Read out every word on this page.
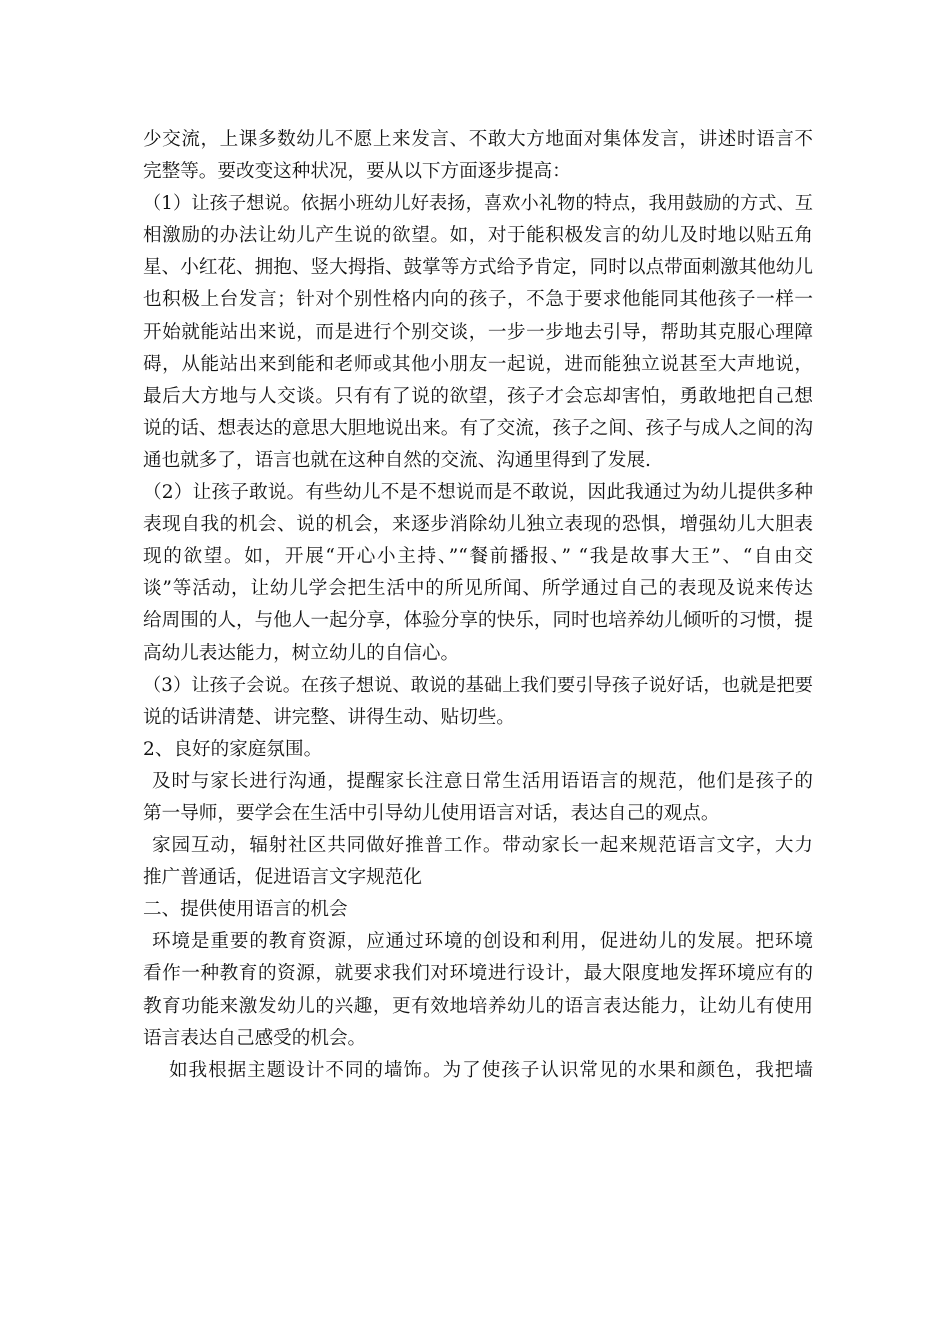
少交流，上课多数幼儿不愿上来发言、不敢大方地面对集体发言，讲述时语言不
完整等。要改变这种状况，要从以下方面逐步提高：
（1）让孩子想说。依据小班幼儿好表扬，喜欢小礼物的特点，我用鼓励的方式、互
相激励的办法让幼儿产生说的欲望。如，对于能积极发言的幼儿及时地以贴五角
星、小红花、拥抱、竖大拇指、鼓掌等方式给予肯定，同时以点带面刺激其他幼儿
也积极上台发言；针对个别性格内向的孩子，不急于要求他能同其他孩子一样一
开始就能站出来说，而是进行个别交谈，一步一步地去引导，帮助其克服心理障
碍，从能站出来到能和老师或其他小朋友一起说，进而能独立说甚至大声地说，
最后大方地与人交谈。只有有了说的欲望，孩子才会忘却害怕，勇敢地把自己想
说的话、想表达的意思大胆地说出来。有了交流，孩子之间、孩子与成人之间的沟
通也就多了，语言也就在这种自然的交流、沟通里得到了发展.
（2）让孩子敢说。有些幼儿不是不想说而是不敢说，因此我通过为幼儿提供多种
表现自我的机会、说的机会，来逐步消除幼儿独立表现的恐惧，增强幼儿大胆表
现的欲望。如，开展“开心小主持、”“餐前播报、” “我是故事大王”、“自由交
谈”等活动，让幼儿学会把生活中的所见所闻、所学通过自己的表现及说来传达
给周围的人，与他人一起分享，体验分享的快乐，同时也培养幼儿倾听的习惯，提
高幼儿表达能力，树立幼儿的自信心。
（3）让孩子会说。在孩子想说、敢说的基础上我们要引导孩子说好话，也就是把要
说的话讲清楚、讲完整、讲得生动、贴切些。
2、良好的家庭氛围。
及时与家长进行沟通，提醒家长注意日常生活用语语言的规范，他们是孩子的
第一导师，要学会在生活中引导幼儿使用语言对话，表达自己的观点。
家园互动，辐射社区共同做好推普工作。带动家长一起来规范语言文字，大力
推广普通话，促进语言文字规范化
二、提供使用语言的机会
环境是重要的教育资源，应通过环境的创设和利用，促进幼儿的发展。把环境
看作一种教育的资源，就要求我们对环境进行设计，最大限度地发挥环境应有的
教育功能来激发幼儿的兴趣，更有效地培养幼儿的语言表达能力，让幼儿有使用
语言表达自己感受的机会。
如我根据主题设计不同的墙饰。为了使孩子认识常见的水果和颜色，我把墙
